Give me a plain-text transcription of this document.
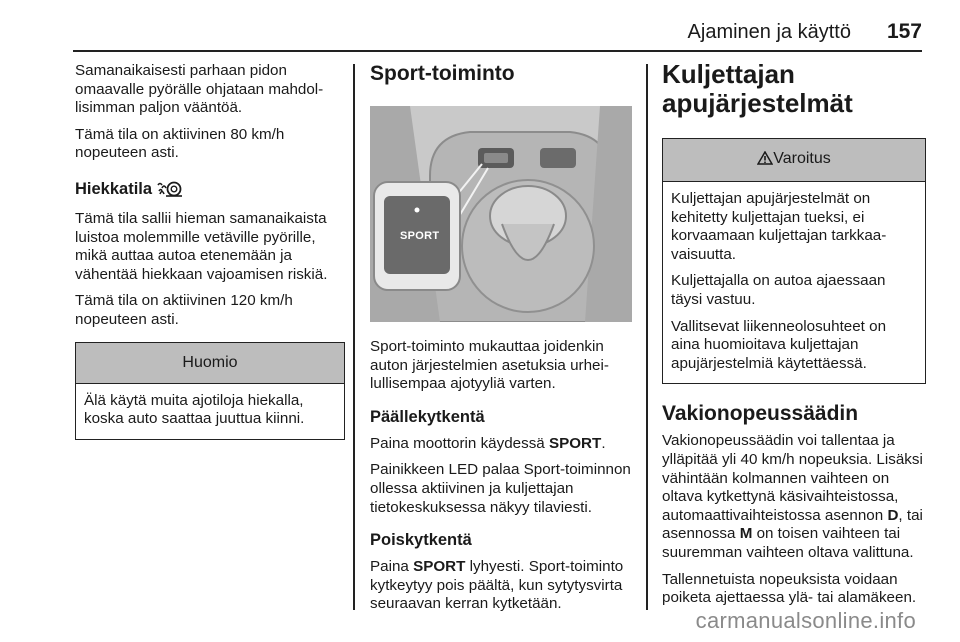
Ajaminen ja käyttö 157

Samanaikaisesti parhaan pidon omaavalle pyörälle ohjataan mahdollisimman paljon vääntöä.

Tämä tila on aktiivinen 80 km/h nopeuteen asti.

Hiekkatila

Tämä tila sallii hieman samanaikaista luistoa molemmille vetäville pyörille, mikä auttaa autoa etenemään ja vähentää hiekkaan vajoamisen riskiä.

Tämä tila on aktiivinen 120 km/h nopeuteen asti.

Huomio

Älä käytä muita ajotiloja hiekalla, koska auto saattaa juuttua kiinni.

Sport-toiminto
SPORT

Sport-toiminto mukauttaa joidenkin auton järjestelmien asetuksia urheilullisempaa ajotyyliä varten.

Päällekytkentä

Paina moottorin käydessä SPORT.

Painikkeen LED palaa Sport-toiminnon ollessa aktiivinen ja kuljettajan tietokeskuksessa näkyy tilaviesti.

Poiskytkentä

Paina SPORT lyhyesti. Sport-toiminto kytkeytyy pois päältä, kun sytytysvirta seuraavan kerran kytketään.

Kuljettajan apujärjestelmät
Varoitus

Kuljettajan apujärjestelmät on kehitetty kuljettajan tueksi, ei korvaamaan kuljettajan tarkkaavaisuutta.

Kuljettajalla on autoa ajaessaan täysi vastuu.

Vallitsevat liikenneolosuhteet on aina huomioitava kuljettajan apujärjestelmiä käytettäessä.

Vakionopeussäädin

Vakionopeussäädin voi tallentaa ja ylläpitää yli 40 km/h nopeuksia. Lisäksi vähintään kolmannen vaihteen on oltava kytkettynä käsivaihteistossa, automaattivaihteistossa asennon D, tai asennossa M on toisen vaihteen tai suuremman vaihteen oltava valittuna.

Tallennetuista nopeuksista voidaan poiketa ajettaessa ylä- tai alamäkeen.

carmanualsonline.info
